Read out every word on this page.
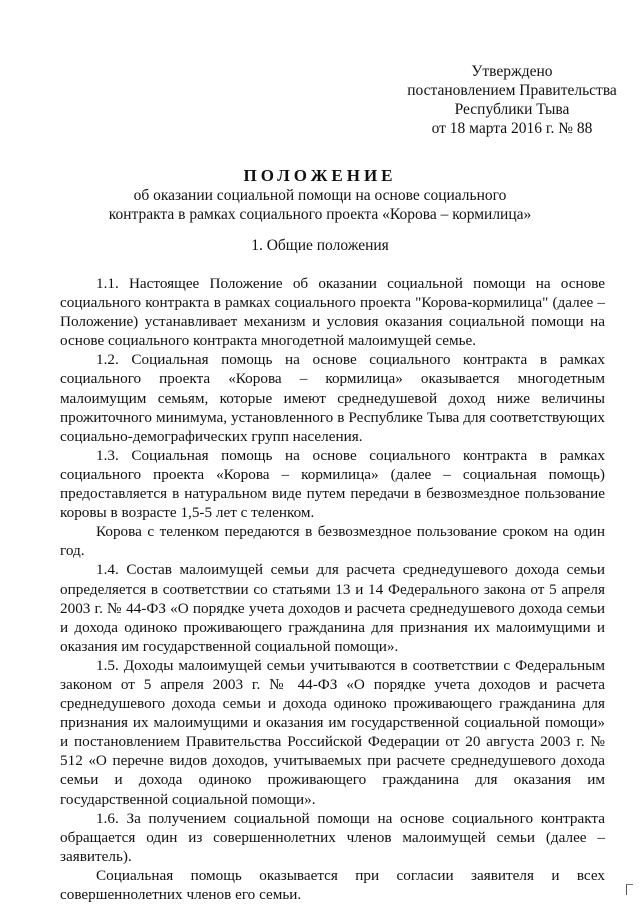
Утверждено
постановлением Правительства
Республики Тыва
от 18 марта 2016 г. № 88
ПОЛОЖЕНИЕ
об оказании социальной помощи на основе социального
контракта в рамках социального проекта «Корова – кормилица»
1. Общие положения

1.1. Настоящее Положение об оказании социальной помощи на основе социального контракта в рамках социального проекта "Корова-кормилица" (далее – Положение) устанавливает механизм и условия оказания социальной помощи на основе социального контракта многодетной малоимущей семье.

1.2. Социальная помощь на основе социального контракта в рамках социального проекта «Корова – кормилица» оказывается многодетным малоимущим семьям, которые имеют среднедушевой доход ниже величины прожиточного минимума, установленного в Республике Тыва для соответствующих социально-демографических групп населения.

1.3. Социальная помощь на основе социального контракта в рамках социального проекта «Корова – кормилица» (далее – социальная помощь) предоставляется в натуральном виде путем передачи в безвозмездное пользование коровы в возрасте 1,5-5 лет с теленком.

Корова с теленком передаются в безвозмездное пользование сроком на один год.

1.4. Состав малоимущей семьи для расчета среднедушевого дохода семьи определяется в соответствии со статьями 13 и 14 Федерального закона от 5 апреля 2003 г. № 44-ФЗ «О порядке учета доходов и расчета среднедушевого дохода семьи и дохода одиноко проживающего гражданина для признания их малоимущими и оказания им государственной социальной помощи».

1.5. Доходы малоимущей семьи учитываются в соответствии с Федеральным законом от 5 апреля 2003 г. № 44-ФЗ «О порядке учета доходов и расчета среднедушевого дохода семьи и дохода одиноко проживающего гражданина для признания их малоимущими и оказания им государственной социальной помощи» и постановлением Правительства Российской Федерации от 20 августа 2003 г. № 512 «О перечне видов доходов, учитываемых при расчете среднедушевого дохода семьи и дохода одиноко проживающего гражданина для оказания им государственной социальной помощи».

1.6. За получением социальной помощи на основе социального контракта обращается один из совершеннолетних членов малоимущей семьи (далее – заявитель).

Социальная помощь оказывается при согласии заявителя и всех совершеннолетних членов его семьи.
